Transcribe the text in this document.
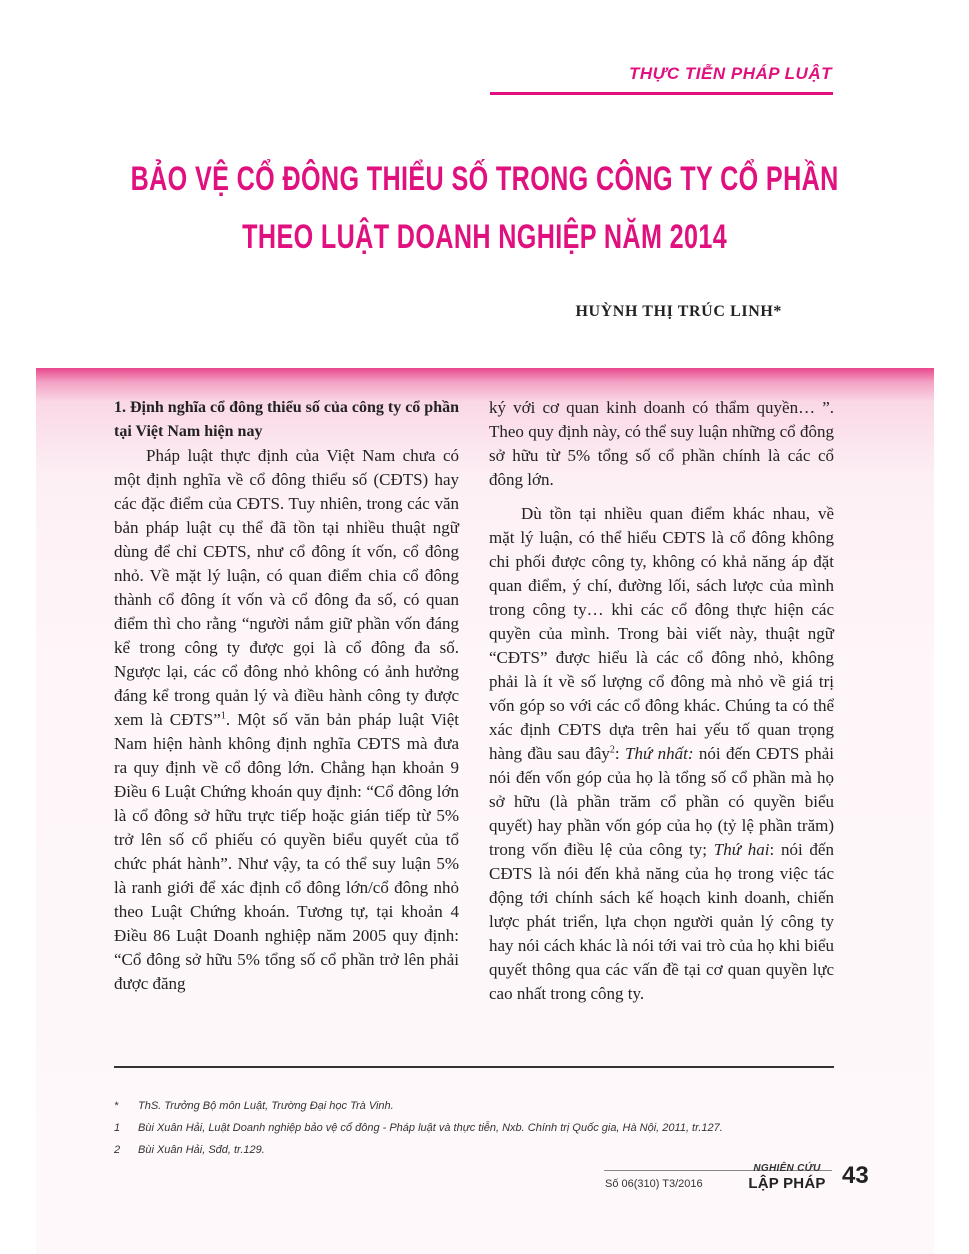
THỰC TIỄN PHÁP LUẬT
BẢO VỆ CỔ ĐÔNG THIỂU SỐ TRONG CÔNG TY CỔ PHẦN
THEO LUẬT DOANH NGHIỆP NĂM 2014
HUỲNH THỊ TRÚC LINH*

1. Định nghĩa cổ đông thiểu số của công ty cổ phần tại Việt Nam hiện nay

Pháp luật thực định của Việt Nam chưa có một định nghĩa về cổ đông thiểu số (CĐTS) hay các đặc điểm của CĐTS. Tuy nhiên, trong các văn bản pháp luật cụ thể đã tồn tại nhiều thuật ngữ dùng để chỉ CĐTS, như cổ đông ít vốn, cổ đông nhỏ. Về mặt lý luận, có quan điểm chia cổ đông thành cổ đông ít vốn và cổ đông đa số, có quan điểm thì cho rằng “người nắm giữ phần vốn đáng kể trong công ty được gọi là cổ đông đa số. Ngược lại, các cổ đông nhỏ không có ảnh hưởng đáng kể trong quản lý và điều hành công ty được xem là CĐTS”$^1$. Một số văn bản pháp luật Việt Nam hiện hành không định nghĩa CĐTS mà đưa ra quy định về cổ đông lớn. Chẳng hạn khoản 9 Điều 6 Luật Chứng khoán quy định: “Cổ đông lớn là cổ đông sở hữu trực tiếp hoặc gián tiếp từ 5% trở lên số cổ phiếu có quyền biểu quyết của tổ chức phát hành”. Như vậy, ta có thể suy luận 5% là ranh giới để xác định cổ đông lớn/cổ đông nhỏ theo Luật Chứng khoán. Tương tự, tại khoản 4 Điều 86 Luật Doanh nghiệp năm 2005 quy định: “Cổ đông sở hữu 5% tổng số cổ phần trở lên phải được đăng

ký với cơ quan kinh doanh có thẩm quyền… ”. Theo quy định này, có thể suy luận những cổ đông sở hữu từ 5% tổng số cổ phần chính là các cổ đông lớn.

Dù tồn tại nhiều quan điểm khác nhau, về mặt lý luận, có thể hiểu CĐTS là cổ đông không chi phối được công ty, không có khả năng áp đặt quan điểm, ý chí, đường lối, sách lược của mình trong công ty… khi các cổ đông thực hiện các quyền của mình. Trong bài viết này, thuật ngữ “CĐTS” được hiểu là các cổ đông nhỏ, không phải là ít về số lượng cổ đông mà nhỏ về giá trị vốn góp so với các cổ đông khác. Chúng ta có thể xác định CĐTS dựa trên hai yếu tố quan trọng hàng đầu sau đây$^2$: Thứ nhất: nói đến CĐTS phải nói đến vốn góp của họ là tổng số cổ phần mà họ sở hữu (là phần trăm cổ phần có quyền biểu quyết) hay phần vốn góp của họ (tỷ lệ phần trăm) trong vốn điều lệ của công ty; Thứ hai: nói đến CĐTS là nói đến khả năng của họ trong việc tác động tới chính sách kế hoạch kinh doanh, chiến lược phát triển, lựa chọn người quản lý công ty hay nói cách khác là nói tới vai trò của họ khi biểu quyết thông qua các vấn đề tại cơ quan quyền lực cao nhất trong công ty.

*	ThS. Trưởng Bộ môn Luật, Trường Đại học Trà Vinh.
1	Bùi Xuân Hải, Luật Doanh nghiệp bảo vệ cổ đông - Pháp luật và thực tiễn, Nxb. Chính trị Quốc gia, Hà Nội, 2011, tr.127.
2	Bùi Xuân Hải, Sđd, tr.129.
Số 06(310) T3/2016
NGHIÊN CỨU
LẬP PHÁP 43
